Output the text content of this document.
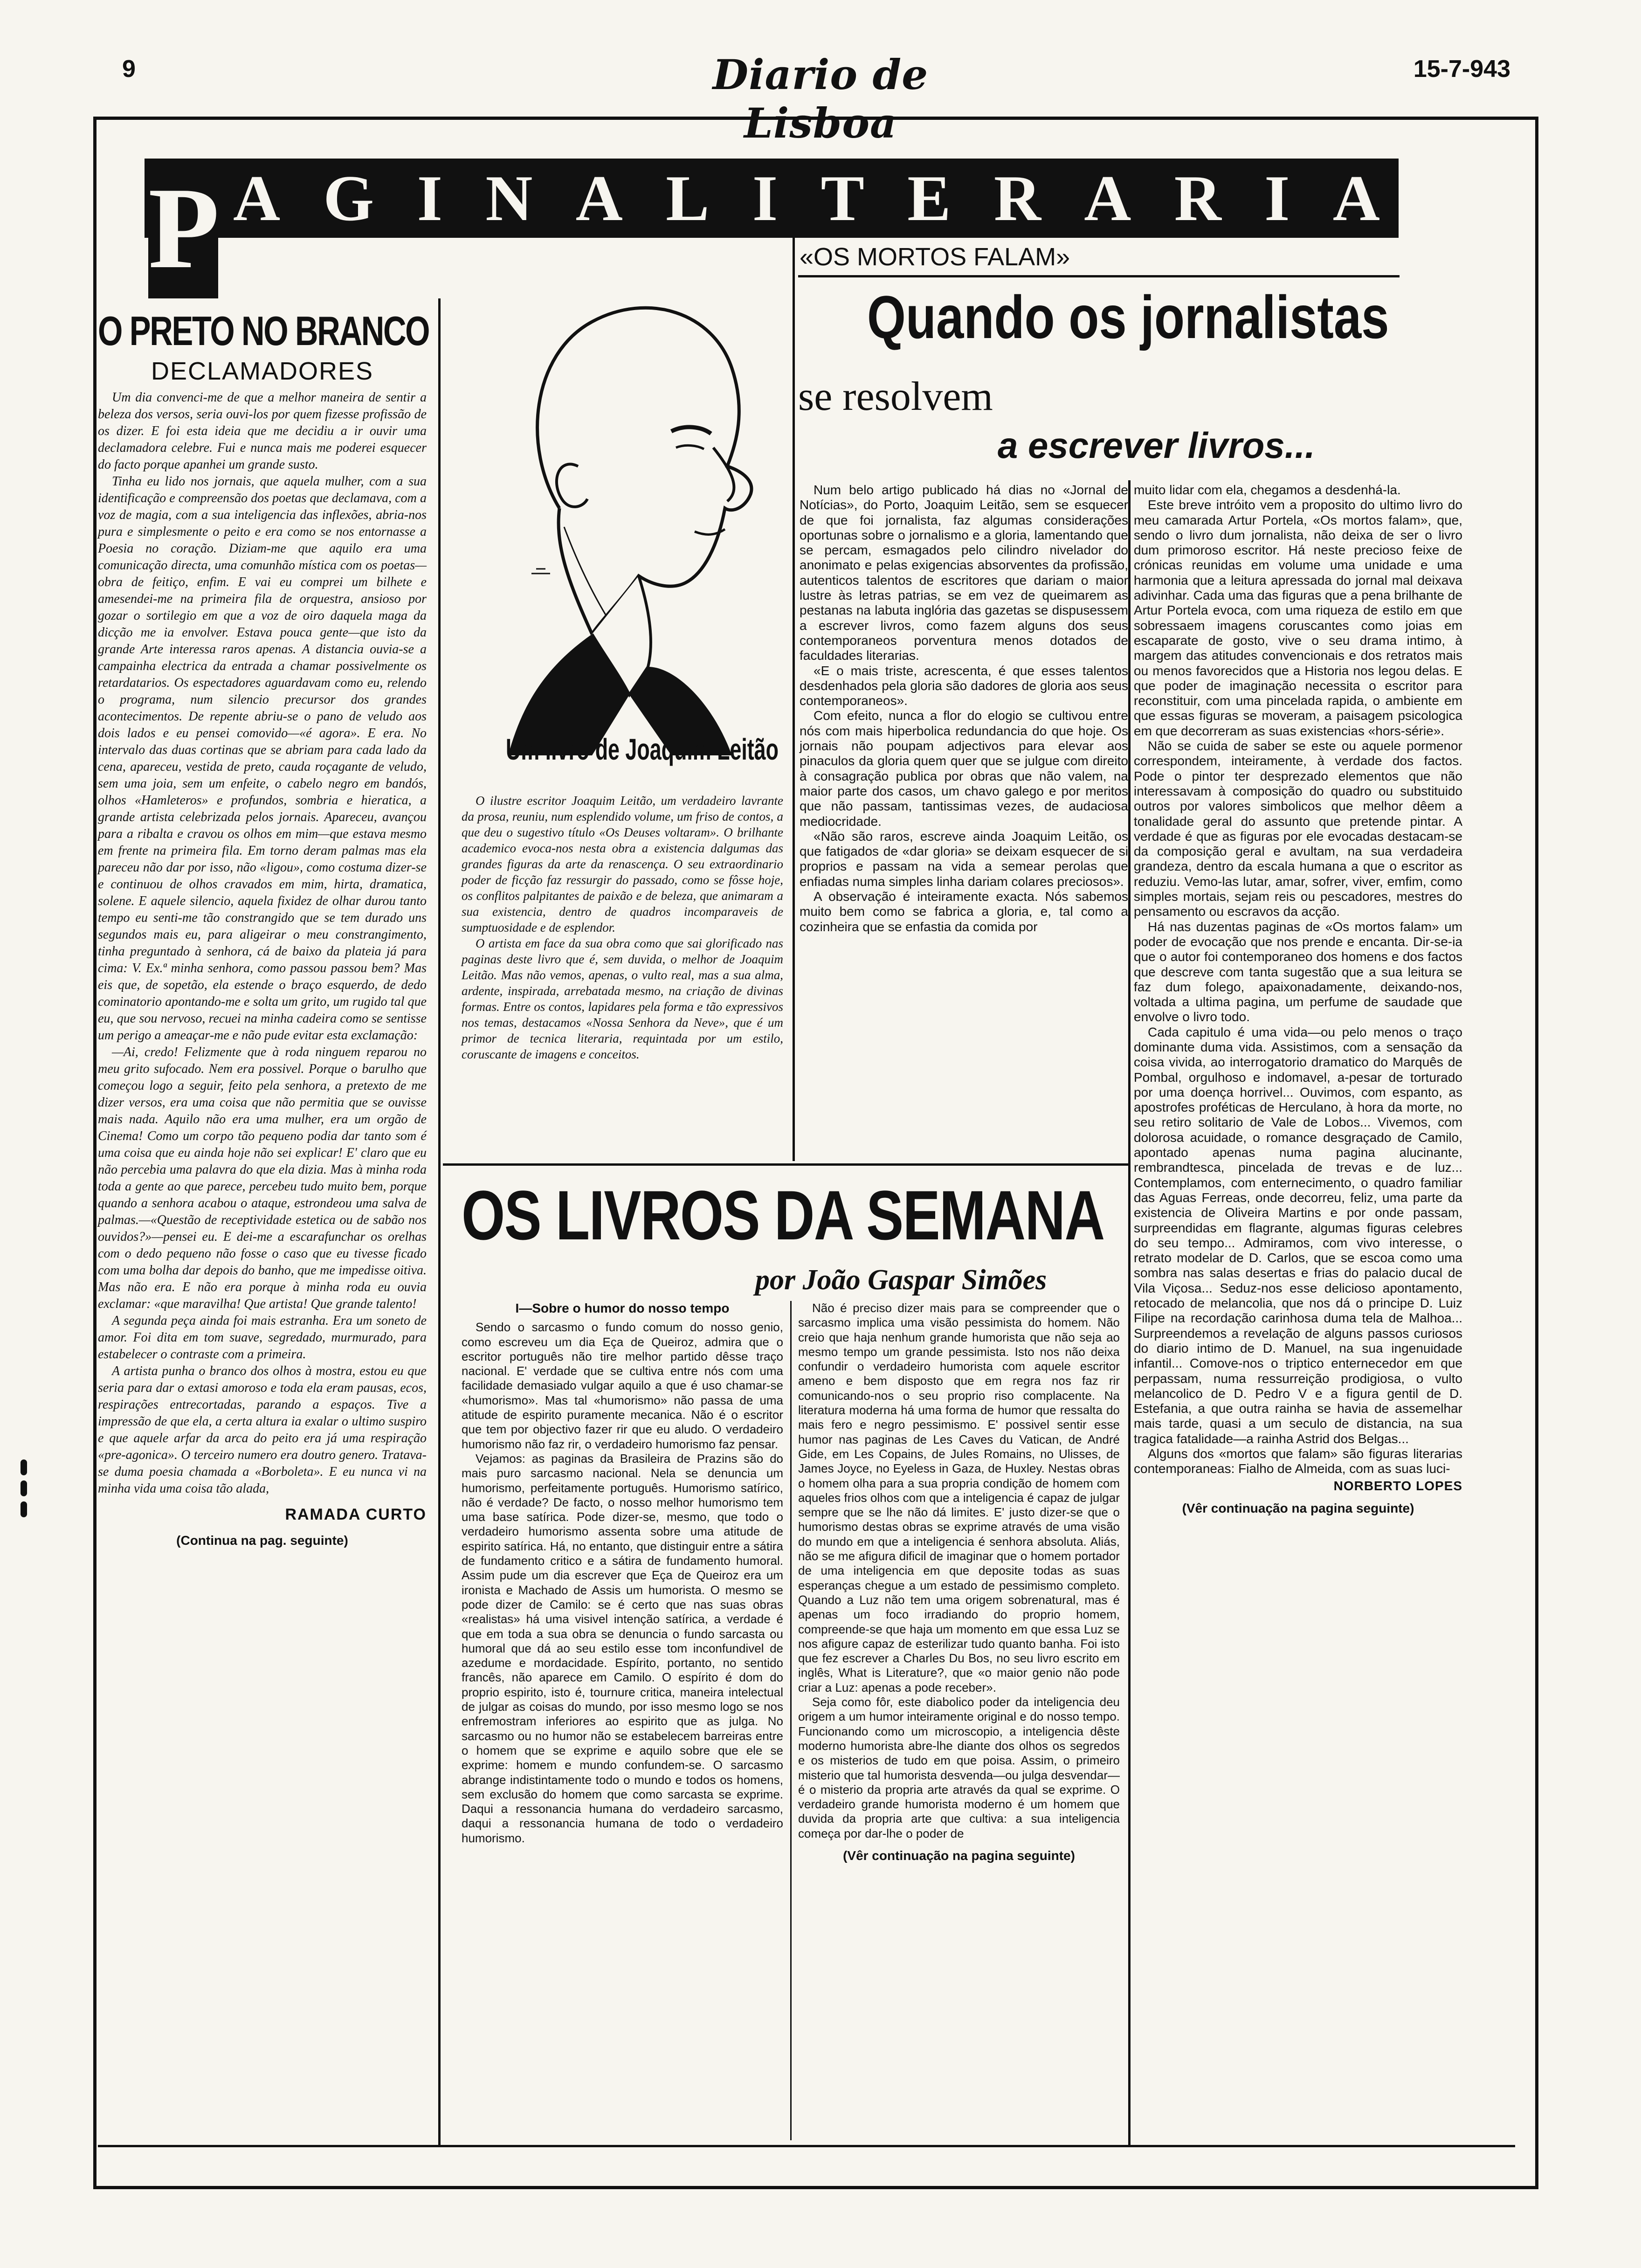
9	Diario de Lisboa
15-7-943
P A G I N A L I T E R A R I A
O PRETO NO BRANCO
DECLAMADORES

Um dia convenci-me de que a melhor maneira de sentir a beleza dos versos, seria ouvi-los por quem fizesse profissão de os dizer. E foi esta ideia que me decidiu a ir ouvir uma declamadora celebre. Fui e nunca mais me poderei esquecer do facto porque apanhei um grande susto.

Tinha eu lido nos jornais, que aquela mulher, com a sua identificação e compreensão dos poetas que declamava, com a voz de magia, com a sua inteligencia das inflexões, abria-nos pura e simplesmente o peito e era como se nos entornasse a Poesia no coração. Diziam-me que aquilo era uma comunicação directa, uma comunhão mística com os poetas—obra de feitiço, enfim. E vai eu comprei um bilhete e amesendei-me na primeira fila de orquestra, ansioso por gozar o sortilegio em que a voz de oiro daquela maga da dicção me ia envolver. Estava pouca gente—que isto da grande Arte interessa raros apenas. A distancia ouvia-se a campainha electrica da entrada a chamar possivelmente os retardatarios. Os espectadores aguardavam como eu, relendo o programa, num silencio precursor dos grandes acontecimentos. De repente abriu-se o pano de veludo aos dois lados e eu pensei comovido—«é agora». E era. No intervalo das duas cortinas que se abriam para cada lado da cena, apareceu, vestida de preto, cauda roçagante de veludo, sem uma joia, sem um enfeite, o cabelo negro em bandós, olhos «Hamleteros» e profundos, sombria e hieratica, a grande artista celebrizada pelos jornais. Apareceu, avançou para a ribalta e cravou os olhos em mim—que estava mesmo em frente na primeira fila. Em torno deram palmas mas ela pareceu não dar por isso, não «ligou», como costuma dizer-se e continuou de olhos cravados em mim, hirta, dramatica, solene. E aquele silencio, aquela fixidez de olhar durou tanto tempo eu senti-me tão constrangido que se tem durado uns segundos mais eu, para aligeirar o meu constrangimento, tinha preguntado à senhora, cá de baixo da plateia já para cima: V. Ex.ª minha senhora, como passou passou bem? Mas eis que, de sopetão, ela estende o braço esquerdo, de dedo cominatorio apontando-me e solta um grito, um rugido tal que eu, que sou nervoso, recuei na minha cadeira como se sentisse um perigo a ameaçar-me e não pude evitar esta exclamação:

—Ai, credo! Felizmente que à roda ninguem reparou no meu grito sufocado. Nem era possivel. Porque o barulho que começou logo a seguir, feito pela senhora, a pretexto de me dizer versos, era uma coisa que não permitia que se ouvisse mais nada. Aquilo não era uma mulher, era um orgão de Cinema! Como um corpo tão pequeno podia dar tanto som é uma coisa que eu ainda hoje não sei explicar! E' claro que eu não percebia uma palavra do que ela dizia. Mas à minha roda toda a gente ao que parece, percebeu tudo muito bem, porque quando a senhora acabou o ataque, estrondeou uma salva de palmas.—«Questão de receptividade estetica ou de sabão nos ouvidos?»—pensei eu. E dei-me a escarafunchar os orelhas com o dedo pequeno não fosse o caso que eu tivesse ficado com uma bolha dar depois do banho, que me impedisse oitiva. Mas não era. E não era porque à minha roda eu ouvia exclamar: «que maravilha! Que artista! Que grande talento!

A segunda peça ainda foi mais estranha. Era um soneto de amor. Foi dita em tom suave, segredado, murmurado, para estabelecer o contraste com a primeira.

A artista punha o branco dos olhos à mostra, estou eu que seria para dar o extasi amoroso e toda ela eram pausas, ecos, respirações entrecortadas, parando a espaços. Tive a impressão de que ela, a certa altura ia exalar o ultimo suspiro e que aquele arfar da arca do peito era já uma respiração «pre-agonica». O terceiro numero era doutro genero. Tratava-se duma poesia chamada a «Borboleta». E eu nunca vi na minha vida uma coisa tão alada,

RAMADA CURTO
(Continua na pag. seguinte)
Um livro de Joaquim Leitão

O ilustre escritor Joaquim Leitão, um verdadeiro lavrante da prosa, reuniu, num esplendido volume, um friso de contos, a que deu o sugestivo título «Os Deuses voltaram». O brilhante academico evoca-nos nesta obra a existencia dalgumas das grandes figuras da arte da renascença. O seu extraordinario poder de ficção faz ressurgir do passado, como se fôsse hoje, os conflitos palpitantes de paixão e de beleza, que animaram a sua existencia, dentro de quadros incomparaveis de sumptuosidade e de esplendor.

O artista em face da sua obra como que sai glorificado nas paginas deste livro que é, sem duvida, o melhor de Joaquim Leitão. Mas não vemos, apenas, o vulto real, mas a sua alma, ardente, inspirada, arrebatada mesmo, na criação de divinas formas. Entre os contos, lapidares pela forma e tão expressivos nos temas, destacamos «Nossa Senhora da Neve», que é um primor de tecnica literaria, requintada por um estilo, coruscante de imagens e conceitos.

«OS MORTOS FALAM»
Quando os jornalistas
se resolvem
a escrever livros...

Num belo artigo publicado há dias no «Jornal de Notícias», do Porto, Joaquim Leitão, sem se esquecer de que foi jornalista, faz algumas considerações oportunas sobre o jornalismo e a gloria, lamentando que se percam, esmagados pelo cilindro nivelador do anonimato e pelas exigencias absorventes da profissão, autenticos talentos de escritores que dariam o maior lustre às letras patrias, se em vez de queimarem as pestanas na labuta inglória das gazetas se dispusessem a escrever livros, como fazem alguns dos seus contemporaneos porventura menos dotados de faculdades literarias.

«E o mais triste, acrescenta, é que esses talentos desdenhados pela gloria são dadores de gloria aos seus contemporaneos».

Com efeito, nunca a flor do elogio se cultivou entre nós com mais hiperbolica redundancia do que hoje. Os jornais não poupam adjectivos para elevar aos pinaculos da gloria quem quer que se julgue com direito à consagração publica por obras que não valem, na maior parte dos casos, um chavo galego e por meritos que não passam, tantissimas vezes, de audaciosa mediocridade.

«Não são raros, escreve ainda Joaquim Leitão, os que fatigados de «dar gloria» se deixam esquecer de si proprios e passam na vida a semear perolas que enfiadas numa simples linha dariam colares preciosos».

A observação é inteiramente exacta. Nós sabemos muito bem como se fabrica a gloria, e, tal como a cozinheira que se enfastia da comida por

muito lidar com ela, chegamos a desdenhá-la.

Este breve intróito vem a proposito do ultimo livro do meu camarada Artur Portela, «Os mortos falam», que, sendo o livro dum jornalista, não deixa de ser o livro dum primoroso escritor. Há neste precioso feixe de crónicas reunidas em volume uma unidade e uma harmonia que a leitura apressada do jornal mal deixava adivinhar. Cada uma das figuras que a pena brilhante de Artur Portela evoca, com uma riqueza de estilo em que sobressaem imagens coruscantes como joias em escaparate de gosto, vive o seu drama intimo, à margem das atitudes convencionais e dos retratos mais ou menos favorecidos que a Historia nos legou delas. E que poder de imaginação necessita o escritor para reconstituir, com uma pincelada rapida, o ambiente em que essas figuras se moveram, a paisagem psicologica em que decorreram as suas existencias «hors-série».

Não se cuida de saber se este ou aquele pormenor correspondem, inteiramente, à verdade dos factos. Pode o pintor ter desprezado elementos que não interessavam à composição do quadro ou substituido outros por valores simbolicos que melhor dêem a tonalidade geral do assunto que pretende pintar. A verdade é que as figuras por ele evocadas destacam-se da composição geral e avultam, na sua verdadeira grandeza, dentro da escala humana a que o escritor as reduziu. Vemo-las lutar, amar, sofrer, viver, emfim, como simples mortais, sejam reis ou pescadores, mestres do pensamento ou escravos da acção.

Há nas duzentas paginas de «Os mortos falam» um poder de evocação que nos prende e encanta. Dir-se-ia que o autor foi contemporaneo dos homens e dos factos que descreve com tanta sugestão que a sua leitura se faz dum folego, apaixonadamente, deixando-nos, voltada a ultima pagina, um perfume de saudade que envolve o livro todo.

Cada capitulo é uma vida—ou pelo menos o traço dominante duma vida. Assistimos, com a sensação da coisa vivida, ao interrogatorio dramatico do Marquês de Pombal, orgulhoso e indomavel, a-pesar de torturado por uma doença horrivel... Ouvimos, com espanto, as apostrofes proféticas de Herculano, à hora da morte, no seu retiro solitario de Vale de Lobos... Vivemos, com dolorosa acuidade, o romance desgraçado de Camilo, apontado apenas numa pagina alucinante, rembrandtesca, pincelada de trevas e de luz... Contemplamos, com enternecimento, o quadro familiar das Aguas Ferreas, onde decorreu, feliz, uma parte da existencia de Oliveira Martins e por onde passam, surpreendidas em flagrante, algumas figuras celebres do seu tempo... Admiramos, com vivo interesse, o retrato modelar de D. Carlos, que se escoa como uma sombra nas salas desertas e frias do palacio ducal de Vila Viçosa... Seduz-nos esse delicioso apontamento, retocado de melancolia, que nos dá o principe D. Luiz Filipe na recordação carinhosa duma tela de Malhoa... Surpreendemos a revelação de alguns passos curiosos do diario intimo de D. Manuel, na sua ingenuidade infantil... Comove-nos o triptico enternecedor em que perpassam, numa ressurreição prodigiosa, o vulto melancolico de D. Pedro V e a figura gentil de D. Estefania, a que outra rainha se havia de assemelhar mais tarde, quasi a um seculo de distancia, na sua tragica fatalidade—a rainha Astrid dos Belgas...

Alguns dos «mortos que falam» são figuras literarias contemporaneas: Fialho de Almeida, com as suas luci-

NORBERTO LOPES
(Vêr continuação na pagina seguinte)
OS LIVROS DA SEMANA
por João Gaspar Simões
I—Sobre o humor do nosso tempo

Sendo o sarcasmo o fundo comum do nosso genio, como escreveu um dia Eça de Queiroz, admira que o escritor português não tire melhor partido dêsse traço nacional. E' verdade que se cultiva entre nós com uma facilidade demasiado vulgar aquilo a que é uso chamar-se «humorismo». Mas tal «humorismo» não passa de uma atitude de espirito puramente mecanica. Não é o escritor que tem por objectivo fazer rir que eu aludo. O verdadeiro humorismo não faz rir, o verdadeiro humorismo faz pensar.

Vejamos: as paginas da Brasileira de Prazins são do mais puro sarcasmo nacional. Nela se denuncia um humorismo, perfeitamente português. Humorismo satírico, não é verdade? De facto, o nosso melhor humorismo tem uma base satírica. Pode dizer-se, mesmo, que todo o verdadeiro humorismo assenta sobre uma atitude de espirito satírica. Há, no entanto, que distinguir entre a sátira de fundamento critico e a sátira de fundamento humoral. Assim pude um dia escrever que Eça de Queiroz era um ironista e Machado de Assis um humorista. O mesmo se pode dizer de Camilo: se é certo que nas suas obras «realistas» há uma visivel intenção satírica, a verdade é que em toda a sua obra se denuncia o fundo sarcasta ou humoral que dá ao seu estilo esse tom inconfundivel de azedume e mordacidade. Espírito, portanto, no sentido francês, não aparece em Camilo. O espírito é dom do proprio espirito, isto é, tournure critica, maneira intelectual de julgar as coisas do mundo, por isso mesmo logo se nos enfremostram inferiores ao espirito que as julga. No sarcasmo ou no humor não se estabelecem barreiras entre o homem que se exprime e aquilo sobre que ele se exprime: homem e mundo confundem-se. O sarcasmo abrange indistintamente todo o mundo e todos os homens, sem exclusão do homem que como sarcasta se exprime. Daqui a ressonancia humana do verdadeiro sarcasmo, daqui a ressonancia humana de todo o verdadeiro humorismo.

Não é preciso dizer mais para se compreender que o sarcasmo implica uma visão pessimista do homem. Não creio que haja nenhum grande humorista que não seja ao mesmo tempo um grande pessimista. Isto nos não deixa confundir o verdadeiro humorista com aquele escritor ameno e bem disposto que em regra nos faz rir comunicando-nos o seu proprio riso complacente. Na literatura moderna há uma forma de humor que ressalta do mais fero e negro pessimismo. E' possivel sentir esse humor nas paginas de Les Caves du Vatican, de André Gide, em Les Copains, de Jules Romains, no Ulisses, de James Joyce, no Eyeless in Gaza, de Huxley. Nestas obras o homem olha para a sua propria condição de homem com aqueles frios olhos com que a inteligencia é capaz de julgar sempre que se lhe não dá limites. E' justo dizer-se que o humorismo destas obras se exprime através de uma visão do mundo em que a inteligencia é senhora absoluta. Aliás, não se me afigura dificil de imaginar que o homem portador de uma inteligencia em que deposite todas as suas esperanças chegue a um estado de pessimismo completo. Quando a Luz não tem uma origem sobrenatural, mas é apenas um foco irradiando do proprio homem, compreende-se que haja um momento em que essa Luz se nos afigure capaz de esterilizar tudo quanto banha. Foi isto que fez escrever a Charles Du Bos, no seu livro escrito em inglês, What is Literature?, que «o maior genio não pode criar a Luz: apenas a pode receber».

Seja como fôr, este diabolico poder da inteligencia deu origem a um humor inteiramente original e do nosso tempo. Funcionando como um microscopio, a inteligencia dêste moderno humorista abre-lhe diante dos olhos os segredos e os misterios de tudo em que poisa. Assim, o primeiro misterio que tal humorista desvenda—ou julga desvendar—é o misterio da propria arte através da qual se exprime. O verdadeiro grande humorista moderno é um homem que duvida da propria arte que cultiva: a sua inteligencia começa por dar-lhe o poder de

(Vêr continuação na pagina seguinte)
